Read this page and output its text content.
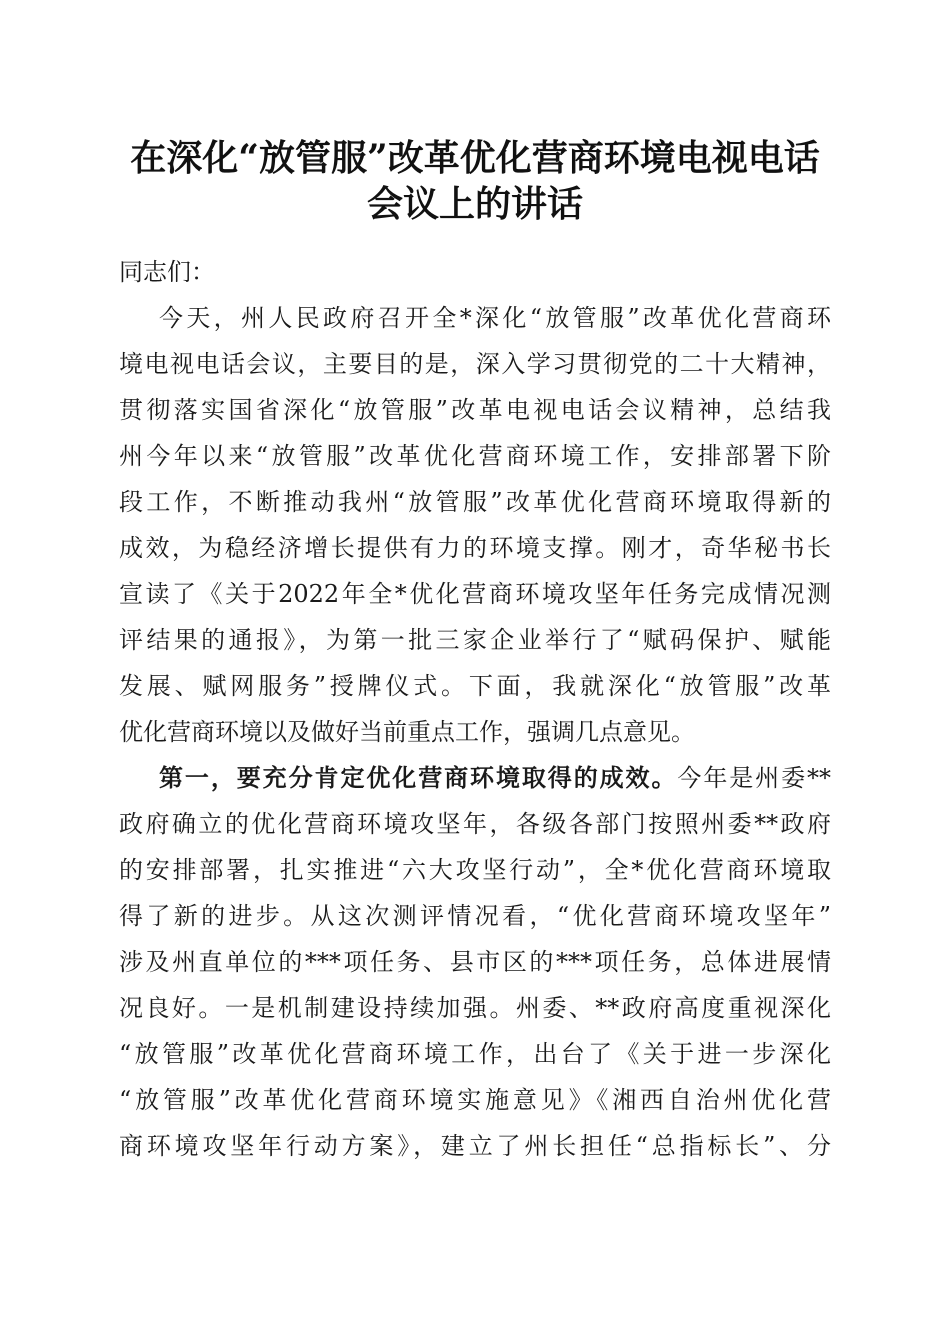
在深化“放管服”改革优化营商环境电视电话
会议上的讲话
同志们：
今天，州人民政府召开全*深化“放管服”改革优化营商环
境电视电话会议，主要目的是，深入学习贯彻党的二十大精神，
贯彻落实国省深化“放管服”改革电视电话会议精神，总结我
州今年以来“放管服”改革优化营商环境工作，安排部署下阶
段工作，不断推动我州“放管服”改革优化营商环境取得新的
成效，为稳经济增长提供有力的环境支撑。刚才，奇华秘书长
宣读了《关于2022年全*优化营商环境攻坚年任务完成情况测
评结果的通报》，为第一批三家企业举行了“赋码保护、赋能
发展、赋网服务”授牌仪式。下面，我就深化“放管服”改革
优化营商环境以及做好当前重点工作，强调几点意见。
第一，要充分肯定优化营商环境取得的成效。今年是州委**
政府确立的优化营商环境攻坚年，各级各部门按照州委**政府
的安排部署，扎实推进“六大攻坚行动”，全*优化营商环境取
得了新的进步。从这次测评情况看，“优化营商环境攻坚年”
涉及州直单位的***项任务、县市区的***项任务，总体进展情
况良好。一是机制建设持续加强。州委、**政府高度重视深化
“放管服”改革优化营商环境工作，出台了《关于进一步深化
“放管服”改革优化营商环境实施意见》《湘西自治州优化营
商环境攻坚年行动方案》，建立了州长担任“总指标长”、分
